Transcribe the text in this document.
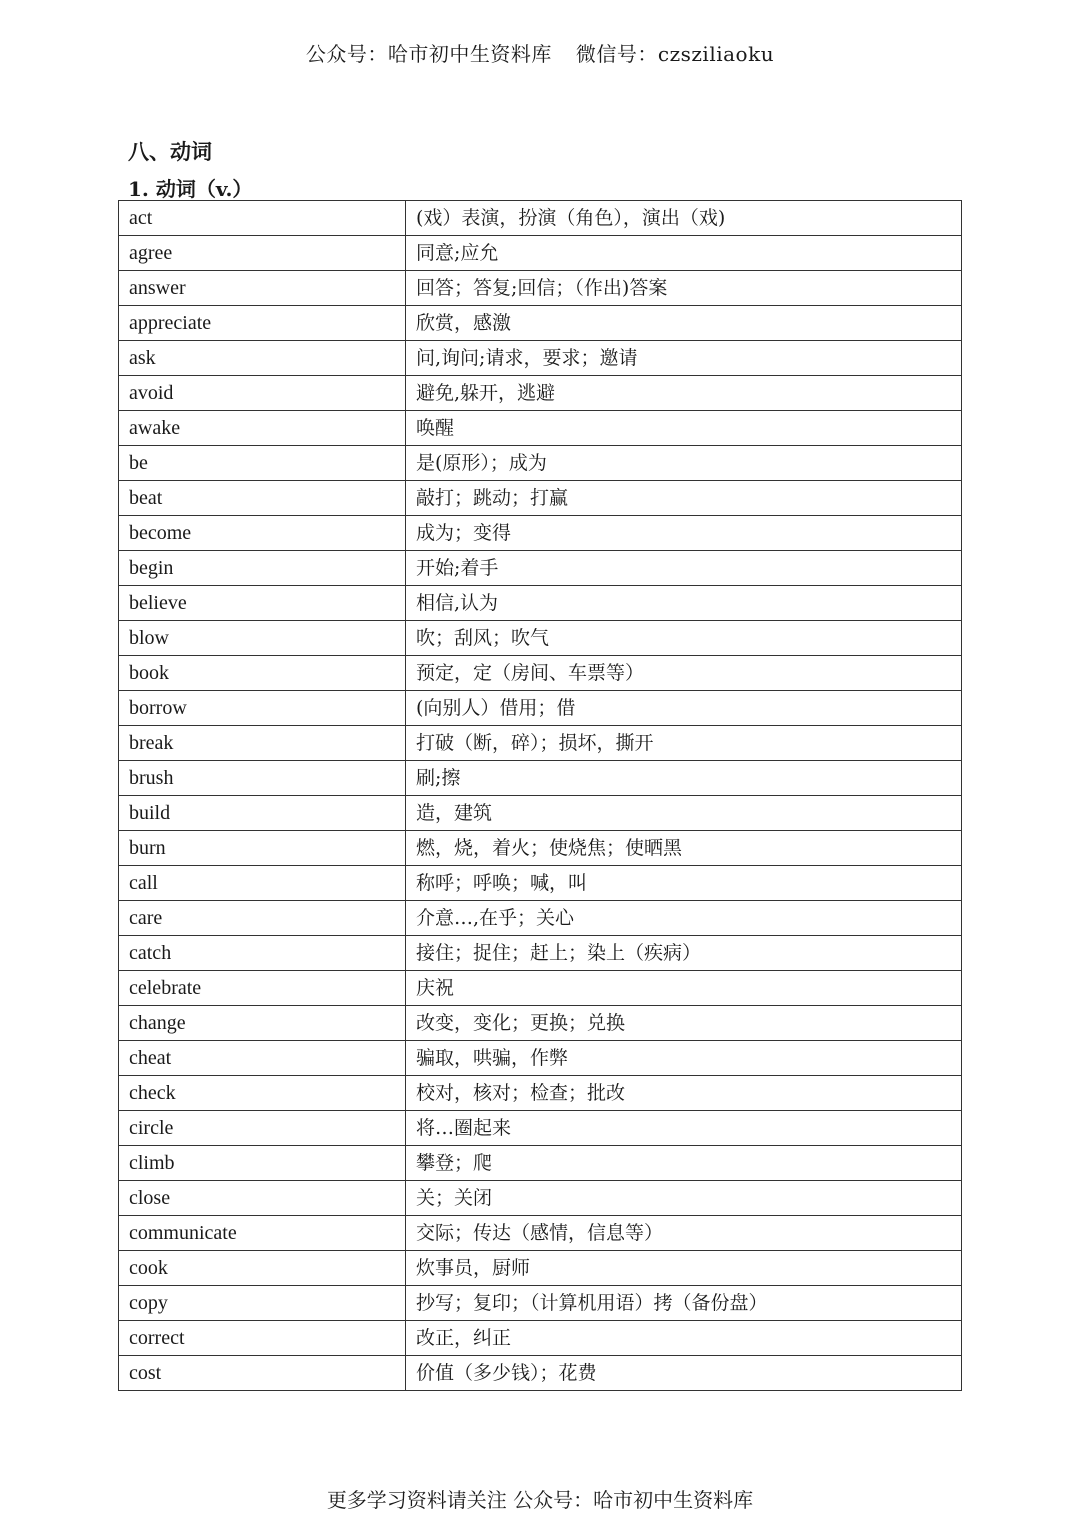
公众号：哈市初中生资料库 微信号：czsziliaoku
八、动词
1. 动词（v.）
act	(戏）表演，扮演（角色），演出（戏)
agree	同意;应允
answer	回答；答复;回信；（作出)答案
appreciate	欣赏，感激
ask	问,询问;请求，要求；邀请
avoid	避免,躲开，逃避
awake	唤醒
be	是(原形）；成为
beat	敲打；跳动；打赢
become	成为；变得
begin	开始;着手
believe	相信,认为
blow	吹；刮风；吹气
book	预定，定（房间、车票等）
borrow	(向别人）借用；借
break	打破（断，碎）；损坏，撕开
brush	刷;擦
build	造，建筑
burn	燃，烧，着火；使烧焦；使晒黑
call	称呼；呼唤；喊，叫
care	介意…,在乎；关心
catch	接住；捉住；赶上；染上（疾病）
celebrate	庆祝
change	改变，变化；更换；兑换
cheat	骗取，哄骗，作弊
check	校对，核对；检查；批改
circle	将…圈起来
climb	攀登；爬
close	关；关闭
communicate	交际；传达（感情，信息等）
cook	炊事员，厨师
copy	抄写；复印；（计算机用语）拷（备份盘）
correct	改正，纠正
cost	价值（多少钱）；花费
更多学习资料请关注 公众号：哈市初中生资料库
